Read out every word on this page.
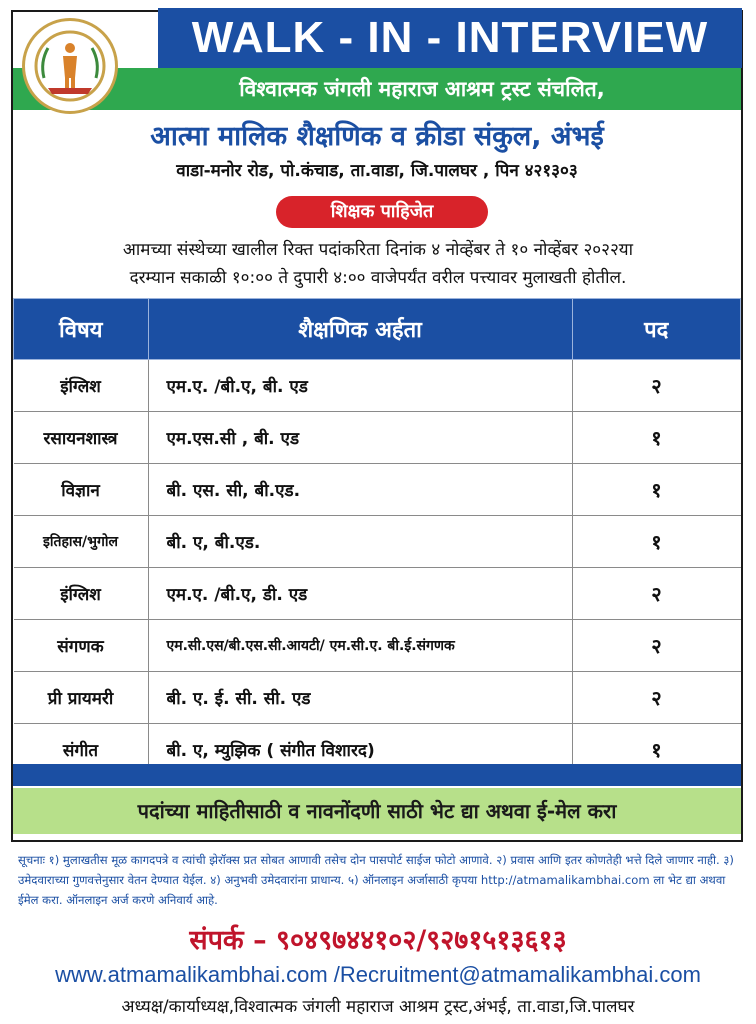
WALK - IN - INTERVIEW
विश्वात्मक जंगली महाराज आश्रम ट्रस्ट संचलित,
आत्मा मालिक शैक्षणिक व क्रीडा संकुल, अंभई
वाडा-मनोर रोड, पो.कंचाड, ता.वाडा, जि.पालघर , पिन ४२१३०३
शिक्षक पाहिजेत
आमच्या संस्थेच्या खालील रिक्त पदांकरिता दिनांक ४ नोव्हेंबर ते १० नोव्हेंबर २०२२या
दरम्यान सकाळी १०:०० ते दुपारी ४:०० वाजेपर्यंत वरील पत्त्यावर मुलाखती होतील.
विषय	शैक्षणिक अर्हता	पद
इंग्लिश	एम.ए. /बी.ए, बी. एड	२
रसायनशास्त्र	एम.एस.सी , बी. एड	१
विज्ञान	बी. एस. सी, बी.एड.	१
इतिहास/भुगोल	बी. ए, बी.एड.	१
इंग्लिश	एम.ए. /बी.ए, डी. एड	२
संगणक	एम.सी.एस/बी.एस.सी.आयटी/ एम.सी.ए. बी.ई.संगणक	२
प्री प्रायमरी	बी. ए. ई. सी. सी. एड	२
संगीत	बी. ए, म्युझिक ( संगीत विशारद)	१
पदांच्या माहितीसाठी व नावनोंदणी साठी भेट द्या अथवा ई-मेल करा
सूचनाः १) मुलाखतीस मूळ कागदपत्रे व त्यांची झेरॉक्स प्रत सोबत आणावी तसेच दोन पासपोर्ट साईज फोटो आणावे. २) प्रवास आणि इतर कोणतेही भत्ते दिले जाणार नाही. ३) उमेदवाराच्या गुणवत्तेनुसार वेतन देण्यात येईल. ४) अनुभवी उमेदवारांना प्राधान्य. ५) ऑनलाइन अर्जासाठी कृपया http://atmamalikambhai.com ला भेट द्या अथवा ईमेल करा. ऑनलाइन अर्ज करणे अनिवार्य आहे.
संपर्क – ९०४९७४४१०२/९२७१५१३६१३
www.atmamalikambhai.com /Recruitment@atmamalikambhai.com
अध्यक्ष/कार्याध्यक्ष,विश्वात्मक जंगली महाराज आश्रम ट्रस्ट,अंभई, ता.वाडा,जि.पालघर
